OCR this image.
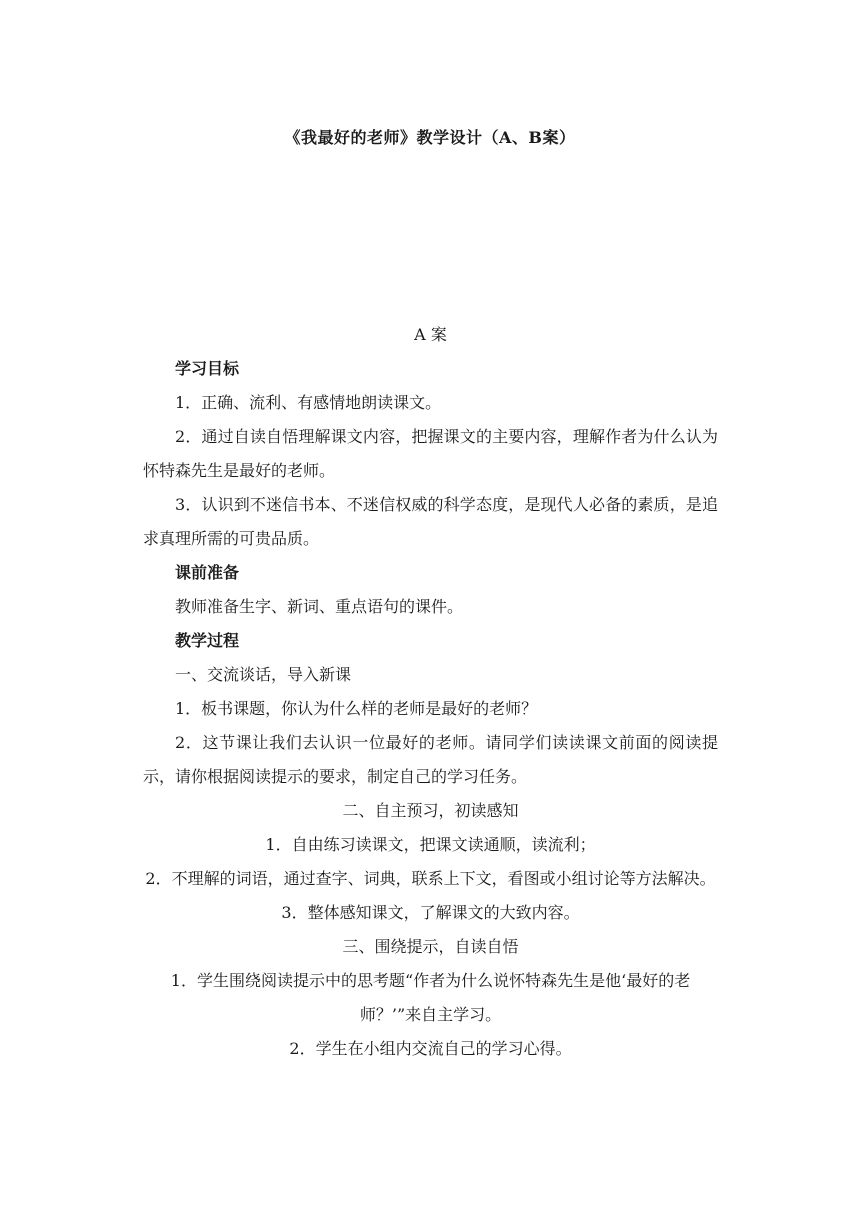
《我最好的老师》教学设计（A、B案）

A 案

学习目标

1．正确、流利、有感情地朗读课文。

2．通过自读自悟理解课文内容，把握课文的主要内容，理解作者为什么认为怀特森先生是最好的老师。

3．认识到不迷信书本、不迷信权威的科学态度，是现代人必备的素质，是追求真理所需的可贵品质。

课前准备

教师准备生字、新词、重点语句的课件。

教学过程

一、交流谈话，导入新课

1．板书课题，你认为什么样的老师是最好的老师？

2．这节课让我们去认识一位最好的老师。请同学们读读课文前面的阅读提示，请你根据阅读提示的要求，制定自己的学习任务。

二、自主预习，初读感知

1．自由练习读课文，把课文读通顺，读流利；

2．不理解的词语，通过查字、词典，联系上下文，看图或小组讨论等方法解决。

3．整体感知课文，了解课文的大致内容。

三、围绕提示，自读自悟

1．学生围绕阅读提示中的思考题“作者为什么说怀特森先生是他‘最好的老师？’”来自主学习。

2．学生在小组内交流自己的学习心得。
